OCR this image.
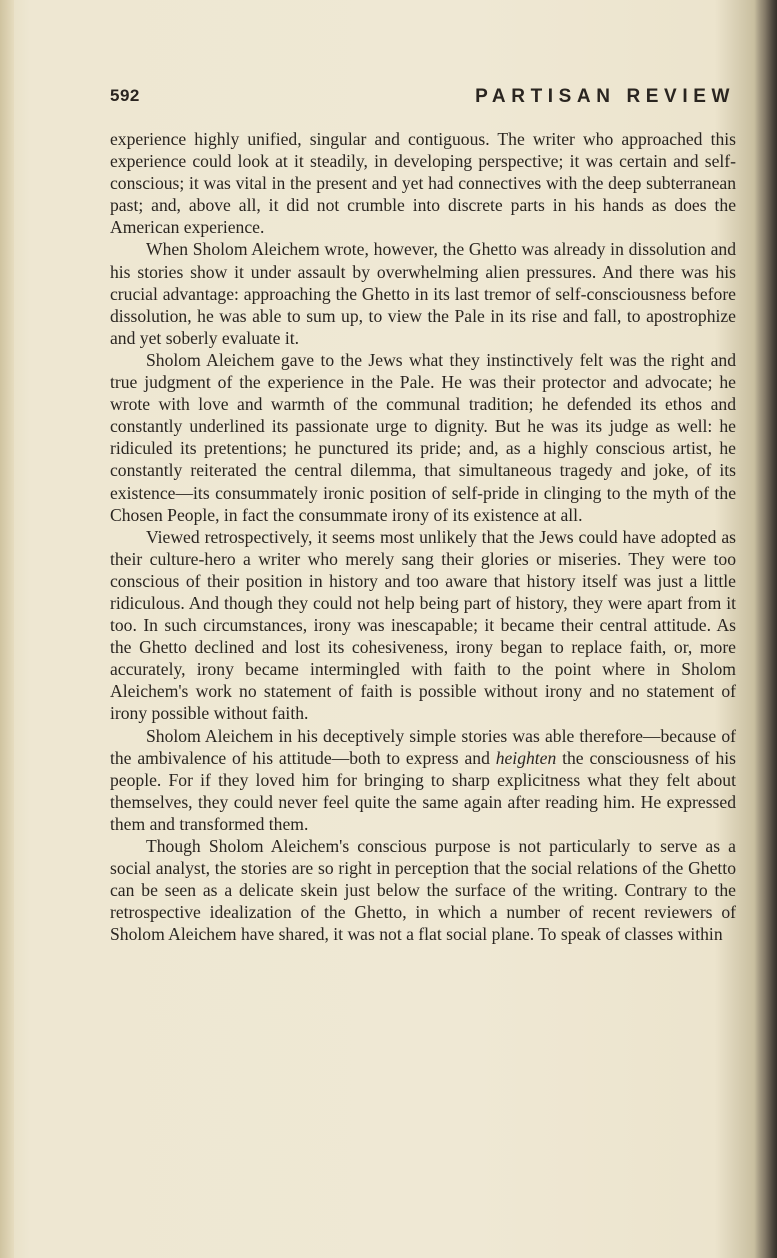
592	PARTISAN REVIEW

experience highly unified, singular and contiguous. The writer who approached this experience could look at it steadily, in developing perspective; it was certain and self-conscious; it was vital in the present and yet had connectives with the deep subterranean past; and, above all, it did not crumble into discrete parts in his hands as does the American experience.

When Sholom Aleichem wrote, however, the Ghetto was already in dissolution and his stories show it under assault by overwhelming alien pressures. And there was his crucial advantage: approaching the Ghetto in its last tremor of self-consciousness before dissolution, he was able to sum up, to view the Pale in its rise and fall, to apostrophize and yet soberly evaluate it.

Sholom Aleichem gave to the Jews what they instinctively felt was the right and true judgment of the experience in the Pale. He was their protector and advocate; he wrote with love and warmth of the communal tradition; he defended its ethos and constantly underlined its passionate urge to dignity. But he was its judge as well: he ridiculed its pretentions; he punctured its pride; and, as a highly conscious artist, he constantly reiterated the central dilemma, that simultaneous tragedy and joke, of its existence—its consummately ironic position of self-pride in clinging to the myth of the Chosen People, in fact the consummate irony of its existence at all.

Viewed retrospectively, it seems most unlikely that the Jews could have adopted as their culture-hero a writer who merely sang their glories or miseries. They were too conscious of their position in history and too aware that history itself was just a little ridiculous. And though they could not help being part of history, they were apart from it too. In such circumstances, irony was inescapable; it became their central attitude. As the Ghetto declined and lost its cohesiveness, irony began to replace faith, or, more accurately, irony became intermingled with faith to the point where in Sholom Aleichem's work no statement of faith is possible without irony and no statement of irony possible without faith.

Sholom Aleichem in his deceptively simple stories was able therefore—because of the ambivalence of his attitude—both to express and heighten the consciousness of his people. For if they loved him for bringing to sharp explicitness what they felt about themselves, they could never feel quite the same again after reading him. He expressed them and transformed them.

Though Sholom Aleichem's conscious purpose is not particularly to serve as a social analyst, the stories are so right in perception that the social relations of the Ghetto can be seen as a delicate skein just below the surface of the writing. Contrary to the retrospective idealization of the Ghetto, in which a number of recent reviewers of Sholom Aleichem have shared, it was not a flat social plane. To speak of classes within
